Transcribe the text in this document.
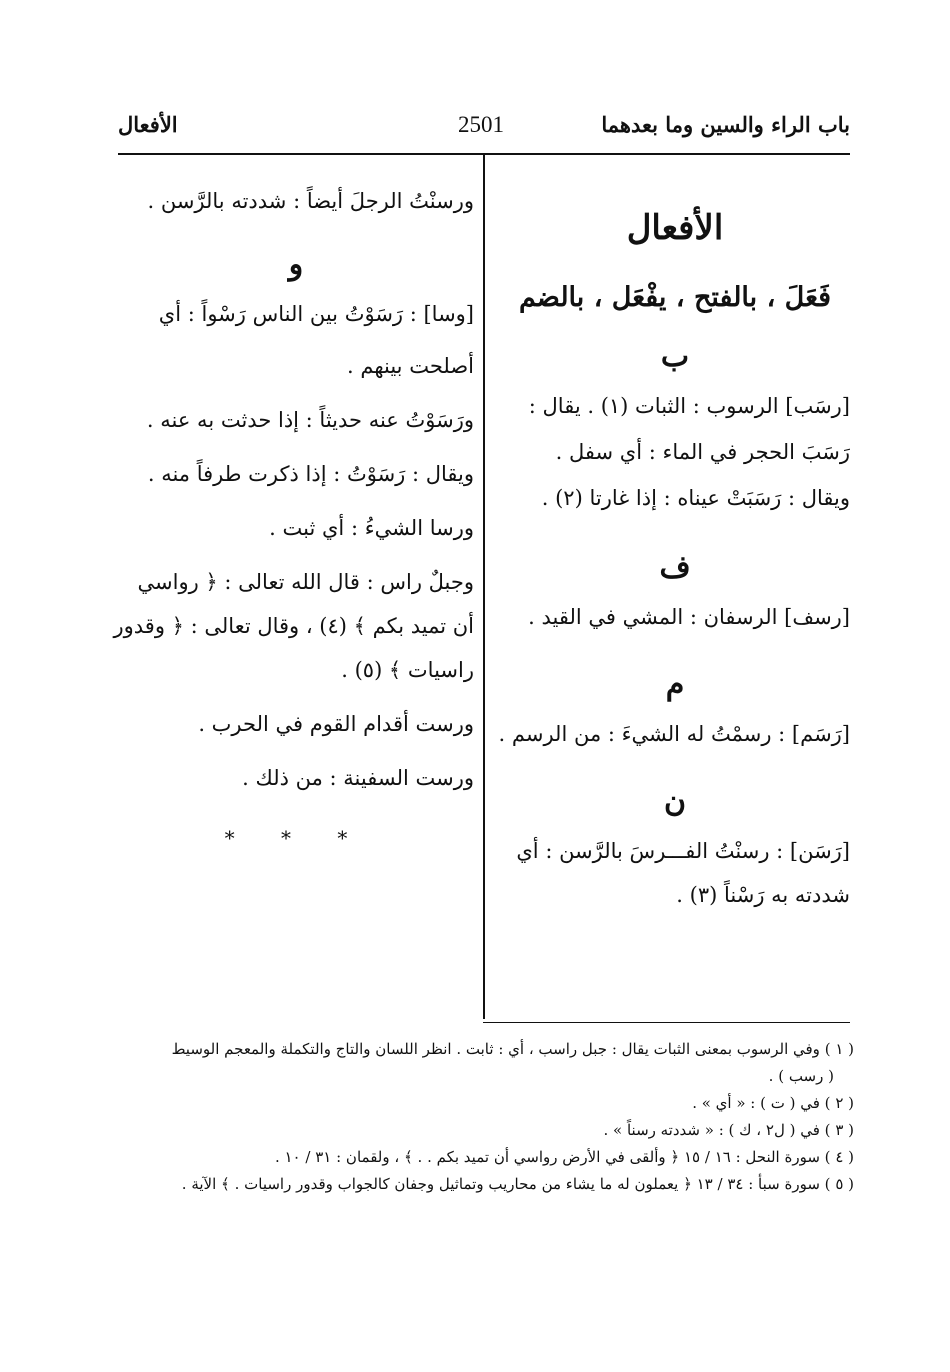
باب الراء والسين وما بعدهما
2501
الأفعال
الأفعال
فَعَلَ ، بالفتح ، يفْعَل ، بالضم
ب

[رسَب] الرسوب : الثبات (١) . يقال :

رَسَبَ الحجر في الماء : أي سفل .

ويقال : رَسَبَتْ عيناه : إذا غارتا (٢) .

ف

[رسف] الرسفان : المشي في القيد .

م

[رَسَم] : رسمْتُ له الشيءَ : من الرسم .

ن

[رَسَن] : رسنْتُ الفـــرسَ بالرَّسن : أي

شددته به رَسْناً (٣) .

ورسنْتُ الرجلَ أيضاً : شددته بالرَّسن .

و

[وسا] : رَسَوْتُ بين الناس رَسْواً : أي

أصلحت بينهم .

ورَسَوْتُ عنه حديثاً : إذا حدثت به عنه .

ويقال : رَسَوْتُ : إذا ذكرت طرفاً منه .

ورسا الشيءُ : أي ثبت .

وجبلٌ راس : قال الله تعالى : ﴿ رواسي

أن تميد بكم ﴾ (٤) ، وقال تعالى : ﴿ وقدور

راسيات ﴾ (٥) .

ورست أقدام القوم في الحرب .

ورست السفينة : من ذلك .

* * *

( ١ ) وفي الرسوب بمعنى الثبات يقال : جبل راسب ، أي : ثابت . انظر اللسان والتاج والتكملة والمعجم الوسيط

( رسب ) .

( ٢ ) في ( ت ) : « أي » .

( ٣ ) في ( ل٢ ، ك ) : « شددته رسناً » .

( ٤ ) سورة النحل : ١٦ / ١٥ ﴿ وألقى في الأرض رواسي أن تميد بكم . . ﴾ ، ولقمان : ٣١ / ١٠ .

( ٥ ) سورة سبأ : ٣٤ / ١٣ ﴿ يعملون له ما يشاء من محاريب وتماثيل وجفان كالجواب وقدور راسيات . ﴾ الآية .
